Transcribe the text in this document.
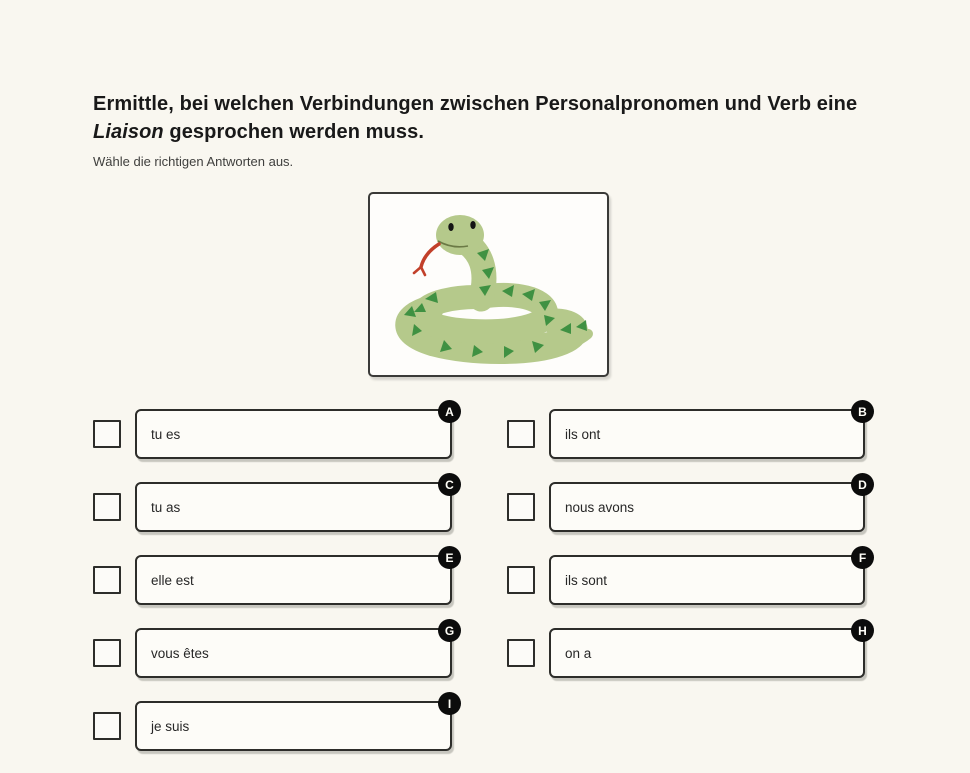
Ermittle, bei welchen Verbindungen zwischen Personalpronomen und Verb eine Liaison gesprochen werden muss.

Wähle die richtigen Antworten aus.

tu es
A
ils ont
B
tu as
C
nous avons
D
elle est
E
ils sont
F
vous êtes
G
on a
H
je suis
I
